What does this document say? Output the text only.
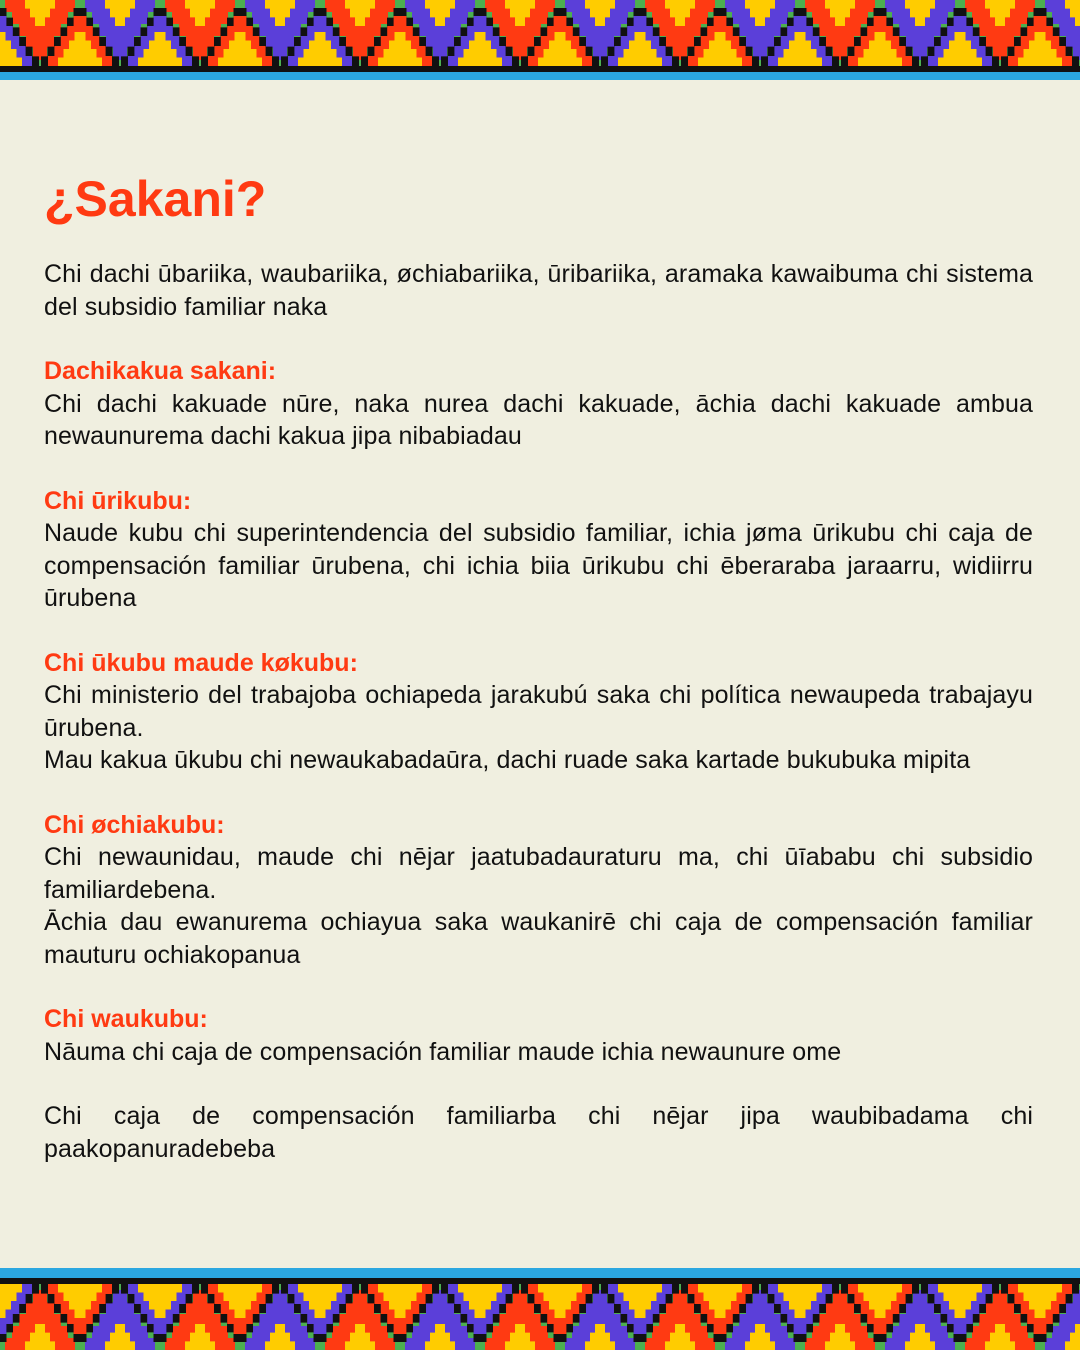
¿Sakani?

Chi dachi ūbariika, waubariika, øchiabariika, ūribariika, aramaka kawaibuma chi sistema del subsidio familiar naka

Dachikakua sakani:

Chi dachi kakuade nūre, naka nurea dachi kakuade, āchia dachi kakuade ambua newaunurema dachi kakua jipa nibabiadau

Chi ūrikubu:

Naude kubu chi superintendencia del subsidio familiar, ichia jøma ūrikubu chi caja de compensación familiar ūrubena, chi ichia biia ūrikubu chi ēberaraba jaraarru, widiirru ūrubena

Chi ūkubu maude køkubu:

Chi ministerio del trabajoba ochiapeda jarakubú saka chi política newaupeda trabajayu ūrubena.

Mau kakua ūkubu chi newaukabadaūra, dachi ruade saka kartade bukubuka mipita

Chi øchiakubu:

Chi newaunidau, maude chi nējar jaatubadauraturu ma, chi ūīababu chi subsidio familiardebena.

Āchia dau ewanurema ochiayua saka waukanirē chi caja de compensación familiar mauturu ochiakopanua

Chi waukubu:

Nāuma chi caja de compensación familiar maude ichia newaunure ome

Chi caja de compensación familiarba chi nējar jipa waubibadama chi paakopanuradebeba
